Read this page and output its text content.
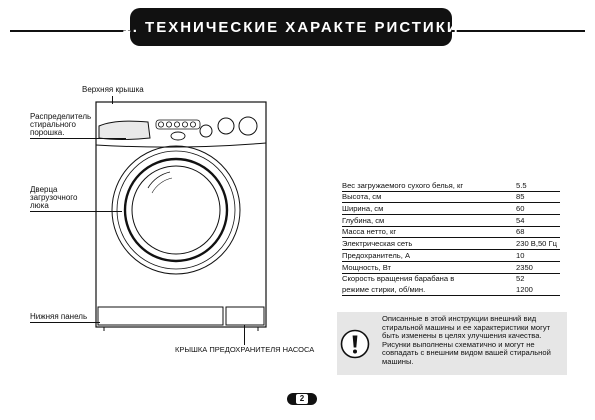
1. ТЕХНИЧЕСКИЕ ХАРАКТЕ РИСТИКИ
Верхняя крышка
Распределитель стирального порошка.
Дверца загрузочного люка
Нижняя панель
КРЫШКА ПРЕДОХРАНИТЕЛЯ НАСОСА
Вес загружаемого сухого белья, кг	5.5
Высота, см	85
Ширина, см	60
Глубина, см	54
Масса нетто, кг	68
Электрическая сеть	230 В,50 Гц
Предохранитель, А	10
Мощность, Вт	2350
Скорость вращения барабана в	52
режиме стирки, об/мин.	1200
Описанные в этой инструкции внешний вид стиральной машины и ее характеристики могут быть изменены в целях улучшения качества. Рисунки выполнены схематично и могут не совпадать с внешним видом вашей стиральной машины.
2
